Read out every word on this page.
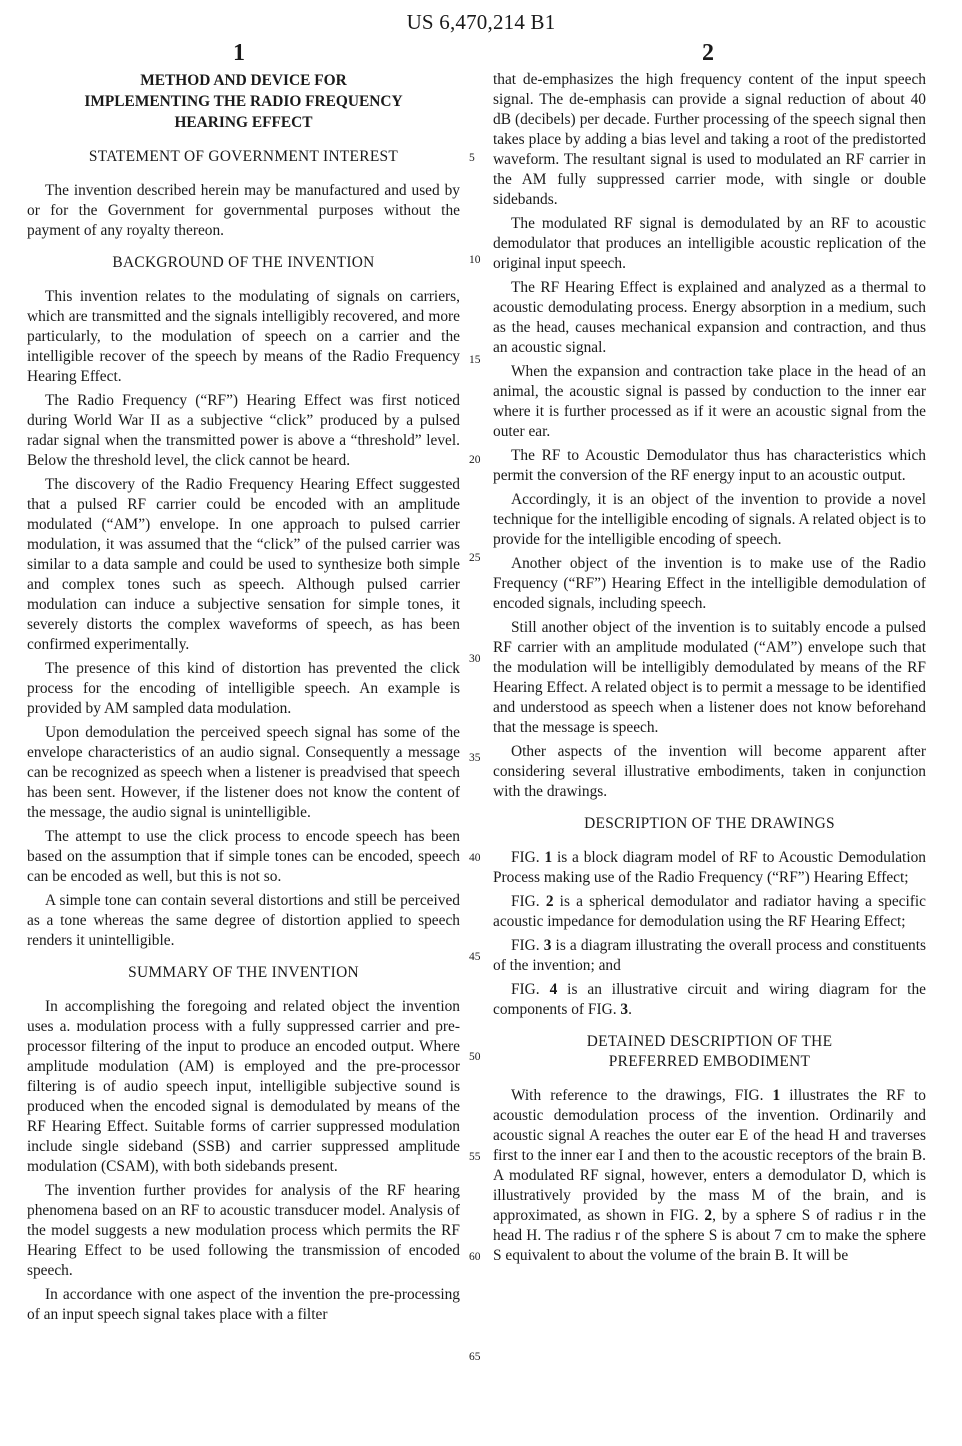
US 6,470,214 B1
1	2
METHOD AND DEVICE FOR
IMPLEMENTING THE RADIO FREQUENCY
HEARING EFFECT
STATEMENT OF GOVERNMENT INTEREST

The invention described herein may be manufactured and used by or for the Government for governmental purposes without the payment of any royalty thereon.

BACKGROUND OF THE INVENTION

This invention relates to the modulating of signals on carriers, which are transmitted and the signals intelligibly recovered, and more particularly, to the modulation of speech on a carrier and the intelligible recover of the speech by means of the Radio Frequency Hearing Effect.

The Radio Frequency (“RF”) Hearing Effect was first noticed during World War II as a subjective “click” produced by a pulsed radar signal when the transmitted power is above a “threshold” level. Below the threshold level, the click cannot be heard.

The discovery of the Radio Frequency Hearing Effect suggested that a pulsed RF carrier could be encoded with an amplitude modulated (“AM”) envelope. In one approach to pulsed carrier modulation, it was assumed that the “click” of the pulsed carrier was similar to a data sample and could be used to synthesize both simple and complex tones such as speech. Although pulsed carrier modulation can induce a subjective sensation for simple tones, it severely distorts the complex waveforms of speech, as has been confirmed experimentally.

The presence of this kind of distortion has prevented the click process for the encoding of intelligible speech. An example is provided by AM sampled data modulation.

Upon demodulation the perceived speech signal has some of the envelope characteristics of an audio signal. Consequently a message can be recognized as speech when a listener is preadvised that speech has been sent. However, if the listener does not know the content of the message, the audio signal is unintelligible.

The attempt to use the click process to encode speech has been based on the assumption that if simple tones can be encoded, speech can be encoded as well, but this is not so.

A simple tone can contain several distortions and still be perceived as a tone whereas the same degree of distortion applied to speech renders it unintelligible.

SUMMARY OF THE INVENTION

In accomplishing the foregoing and related object the invention uses a. modulation process with a fully suppressed carrier and pre-processor filtering of the input to produce an encoded output. Where amplitude modulation (AM) is employed and the pre-processor filtering is of audio speech input, intelligible subjective sound is produced when the encoded signal is demodulated by means of the RF Hearing Effect. Suitable forms of carrier suppressed modulation include single sideband (SSB) and carrier suppressed amplitude modulation (CSAM), with both sidebands present.

The invention further provides for analysis of the RF hearing phenomena based on an RF to acoustic transducer model. Analysis of the model suggests a new modulation process which permits the RF Hearing Effect to be used following the transmission of encoded speech.

In accordance with one aspect of the invention the pre-processing of an input speech signal takes place with a filter

5
10
15
20
25
30
35
40
45
50
55
60
65

that de-emphasizes the high frequency content of the input speech signal. The de-emphasis can provide a signal reduction of about 40 dB (decibels) per decade. Further processing of the speech signal then takes place by adding a bias level and taking a root of the predistorted waveform. The resultant signal is used to modulated an RF carrier in the AM fully suppressed carrier mode, with single or double sidebands.

The modulated RF signal is demodulated by an RF to acoustic demodulator that produces an intelligible acoustic replication of the original input speech.

The RF Hearing Effect is explained and analyzed as a thermal to acoustic demodulating process. Energy absorption in a medium, such as the head, causes mechanical expansion and contraction, and thus an acoustic signal.

When the expansion and contraction take place in the head of an animal, the acoustic signal is passed by conduction to the inner ear where it is further processed as if it were an acoustic signal from the outer ear.

The RF to Acoustic Demodulator thus has characteristics which permit the conversion of the RF energy input to an acoustic output.

Accordingly, it is an object of the invention to provide a novel technique for the intelligible encoding of signals. A related object is to provide for the intelligible encoding of speech.

Another object of the invention is to make use of the Radio Frequency (“RF”) Hearing Effect in the intelligible demodulation of encoded signals, including speech.

Still another object of the invention is to suitably encode a pulsed RF carrier with an amplitude modulated (“AM”) envelope such that the modulation will be intelligibly demodulated by means of the RF Hearing Effect. A related object is to permit a message to be identified and understood as speech when a listener does not know beforehand that the message is speech.

Other aspects of the invention will become apparent after considering several illustrative embodiments, taken in conjunction with the drawings.

DESCRIPTION OF THE DRAWINGS

FIG. 1 is a block diagram model of RF to Acoustic Demodulation Process making use of the Radio Frequency (“RF”) Hearing Effect;

FIG. 2 is a spherical demodulator and radiator having a specific acoustic impedance for demodulation using the RF Hearing Effect;

FIG. 3 is a diagram illustrating the overall process and constituents of the invention; and

FIG. 4 is an illustrative circuit and wiring diagram for the components of FIG. 3.

DETAINED DESCRIPTION OF THE
PREFERRED EMBODIMENT

With reference to the drawings, FIG. 1 illustrates the RF to acoustic demodulation process of the invention. Ordinarily and acoustic signal A reaches the outer ear E of the head H and traverses first to the inner ear I and then to the acoustic receptors of the brain B. A modulated RF signal, however, enters a demodulator D, which is illustratively provided by the mass M of the brain, and is approximated, as shown in FIG. 2, by a sphere S of radius r in the head H. The radius r of the sphere S is about 7 cm to make the sphere S equivalent to about the volume of the brain B. It will be
